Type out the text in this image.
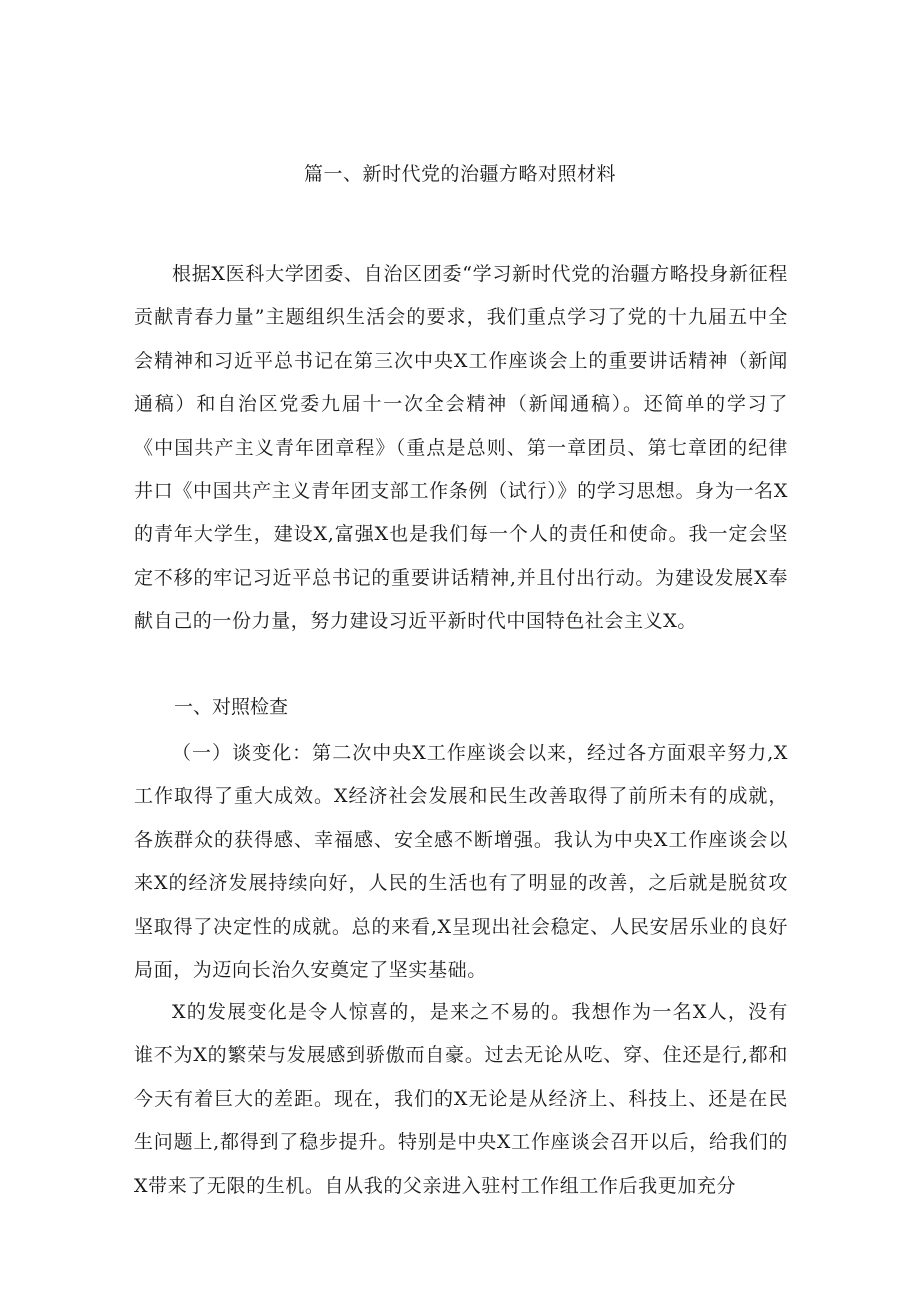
篇一、新时代党的治疆方略对照材料

根据X医科大学团委、自治区团委“学习新时代党的治疆方略投身新征程贡献青春力量”主题组织生活会的要求，我们重点学习了党的十九届五中全会精神和习近平总书记在第三次中央X工作座谈会上的重要讲话精神（新闻通稿）和自治区党委九届十一次全会精神（新闻通稿）。还简单的学习了《中国共产主义青年团章程》（重点是总则、第一章团员、第七章团的纪律井口《中国共产主义青年团支部工作条例（试行）》的学习思想。身为一名X的青年大学生，建设X,富强X也是我们每一个人的责任和使命。我一定会坚定不移的牢记习近平总书记的重要讲话精神,并且付出行动。为建设发展X奉献自己的一份力量，努力建设习近平新时代中国特色社会主义X。

一、对照检查

（一）谈变化：第二次中央X工作座谈会以来，经过各方面艰辛努力,X工作取得了重大成效。X经济社会发展和民生改善取得了前所未有的成就，各族群众的获得感、幸福感、安全感不断增强。我认为中央X工作座谈会以来X的经济发展持续向好，人民的生活也有了明显的改善，之后就是脱贫攻坚取得了决定性的成就。总的来看,X呈现出社会稳定、人民安居乐业的良好局面，为迈向长治久安奠定了坚实基础。

X的发展变化是令人惊喜的，是来之不易的。我想作为一名X人，没有谁不为X的繁荣与发展感到骄傲而自豪。过去无论从吃、穿、住还是行,都和今天有着巨大的差距。现在，我们的X无论是从经济上、科技上、还是在民生问题上,都得到了稳步提升。特别是中央X工作座谈会召开以后，给我们的X带来了无限的生机。自从我的父亲进入驻村工作组工作后我更加充分
